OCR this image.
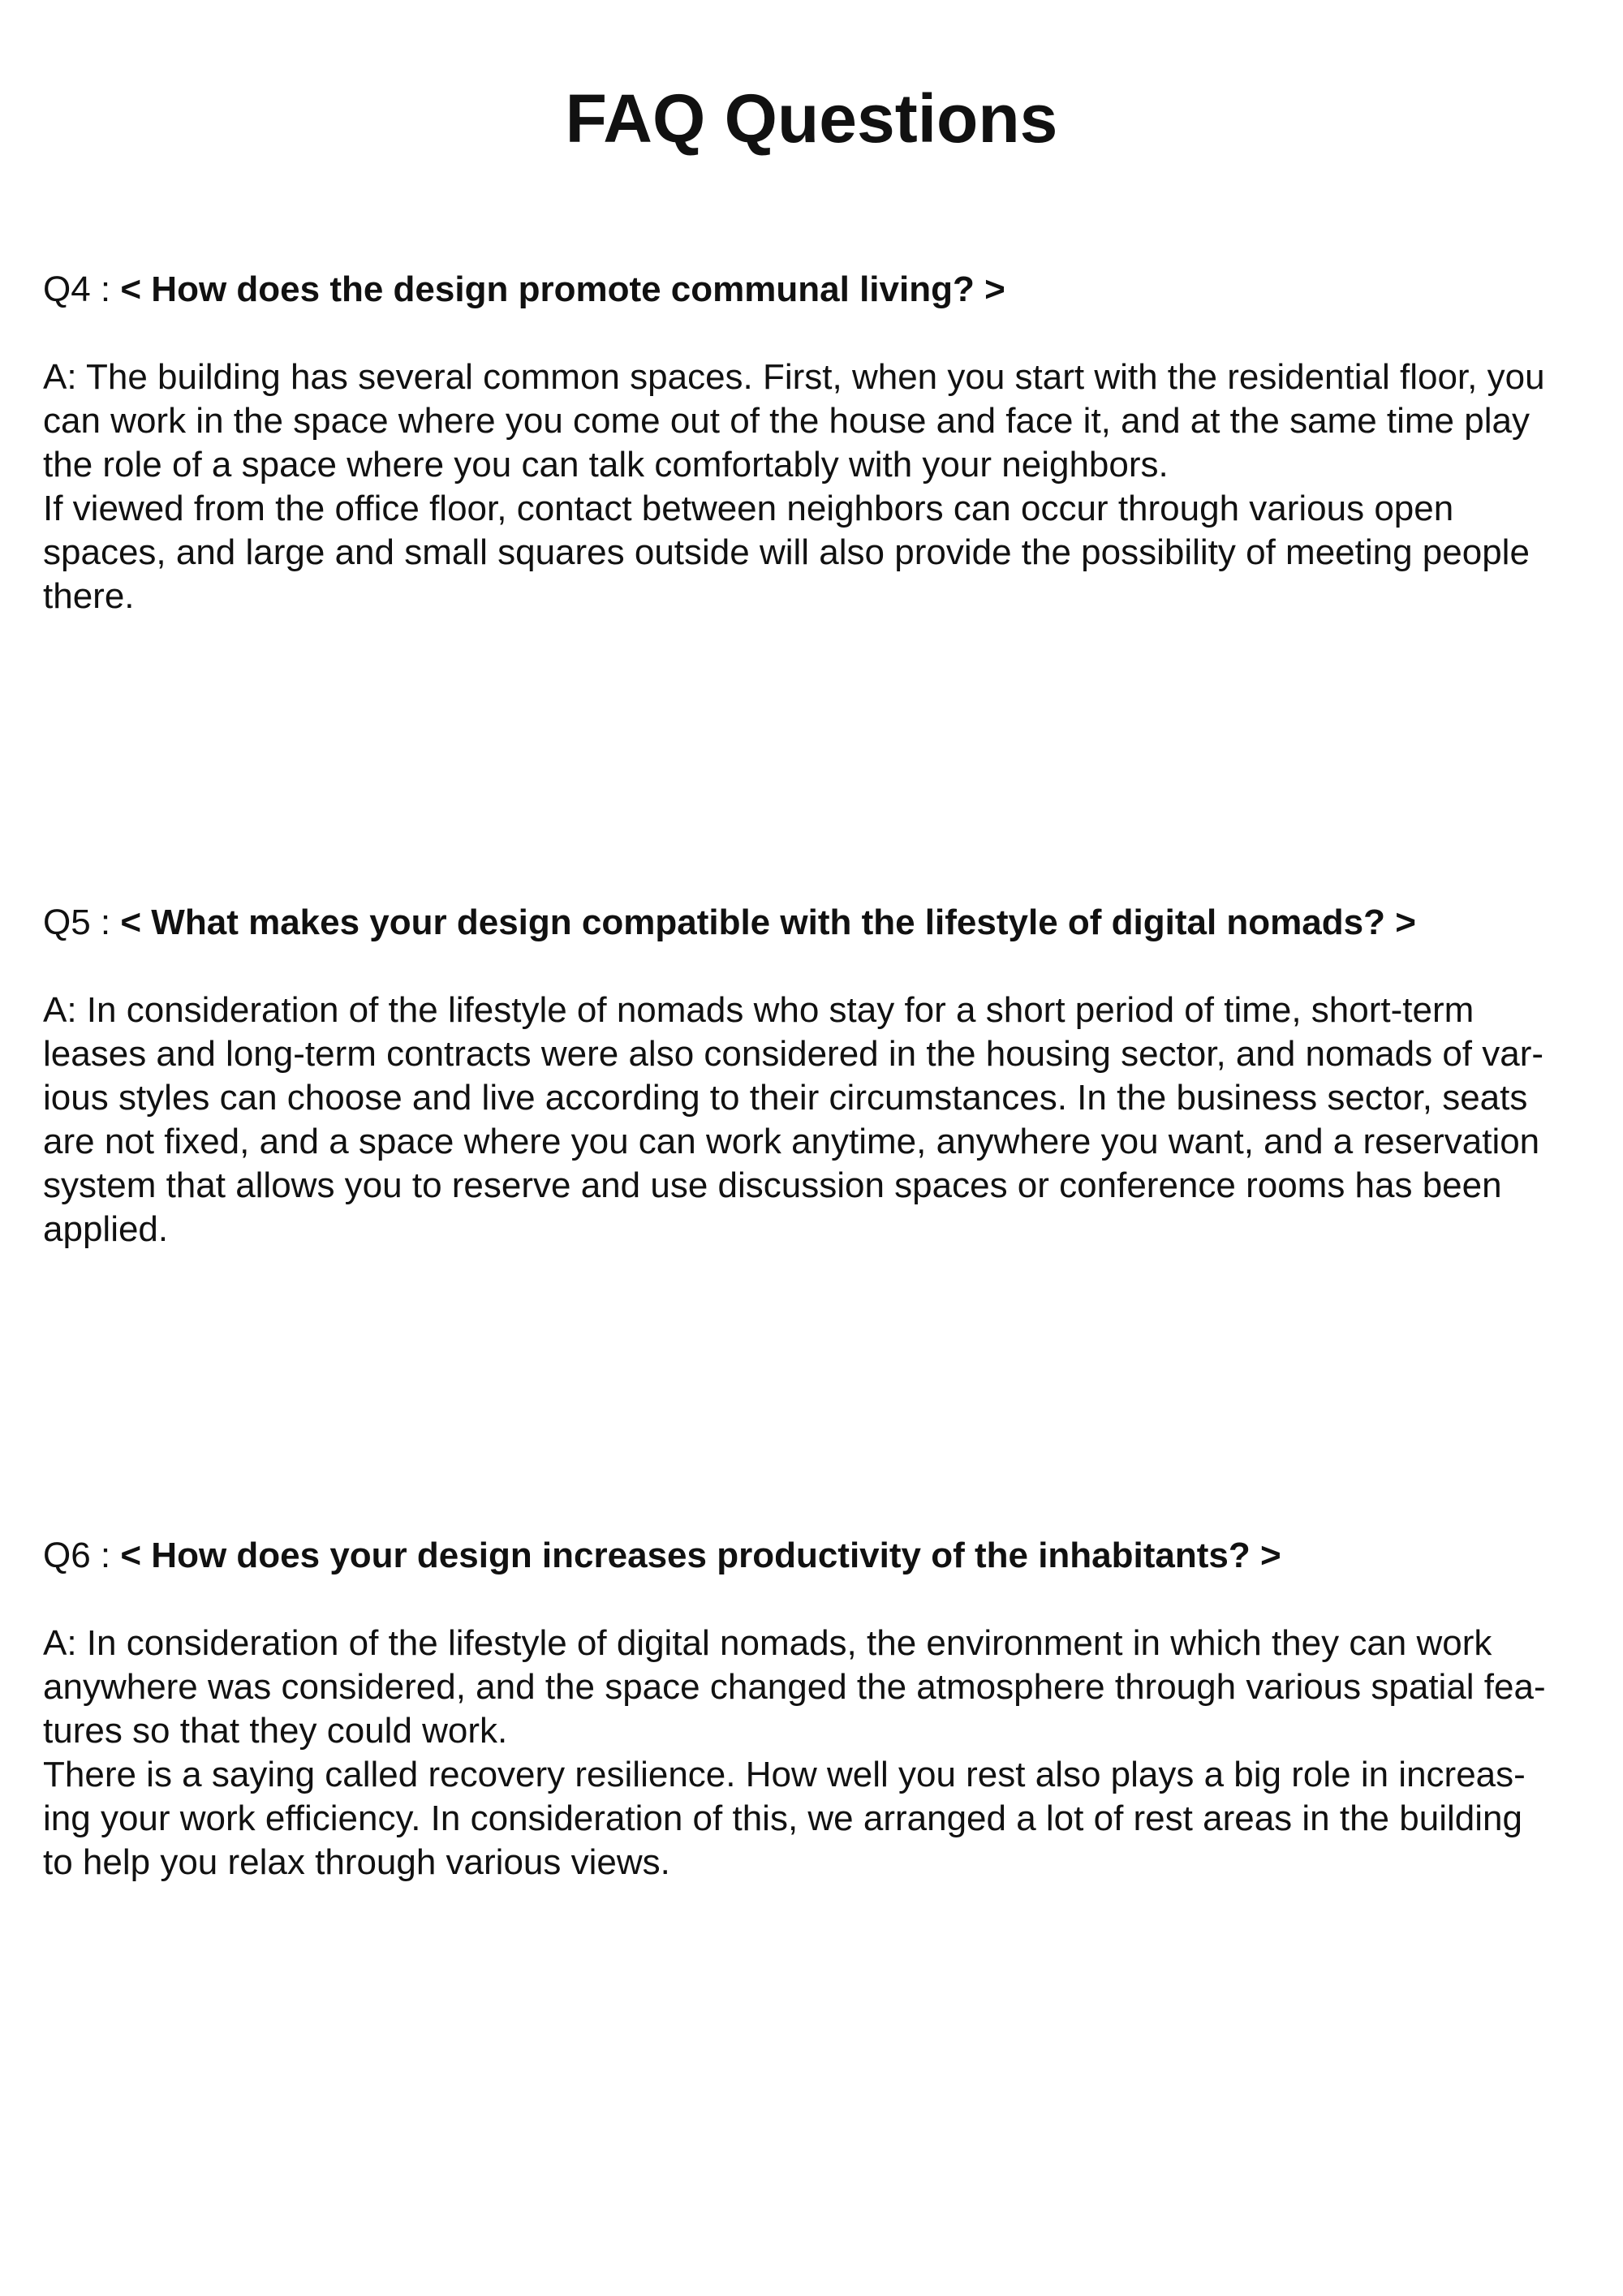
FAQ Questions

Q4 : < How does the design promote communal living? >

A: The building has several common spaces. First, when you start with the residential floor, you
can work in the space where you come out of the house and face it, and at the same time play
the role of a space where you can talk comfortably with your neighbors.
If viewed from the office floor, contact between neighbors can occur through various open
spaces, and large and small squares outside will also provide the possibility of meeting people
there.

Q5 : < What makes your design compatible with the lifestyle of digital nomads? >

A: In consideration of the lifestyle of nomads who stay for a short period of time, short-term
leases and long-term contracts were also considered in the housing sector, and nomads of var-
ious styles can choose and live according to their circumstances. In the business sector, seats
are not fixed, and a space where you can work anytime, anywhere you want, and a reservation
system that allows you to reserve and use discussion spaces or conference rooms has been
applied.

Q6 : < How does your design increases productivity of the inhabitants? >

A: In consideration of the lifestyle of digital nomads, the environment in which they can work
anywhere was considered, and the space changed the atmosphere through various spatial fea-
tures so that they could work.
There is a saying called recovery resilience. How well you rest also plays a big role in increas-
ing your work efficiency. In consideration of this, we arranged a lot of rest areas in the building
to help you relax through various views.
